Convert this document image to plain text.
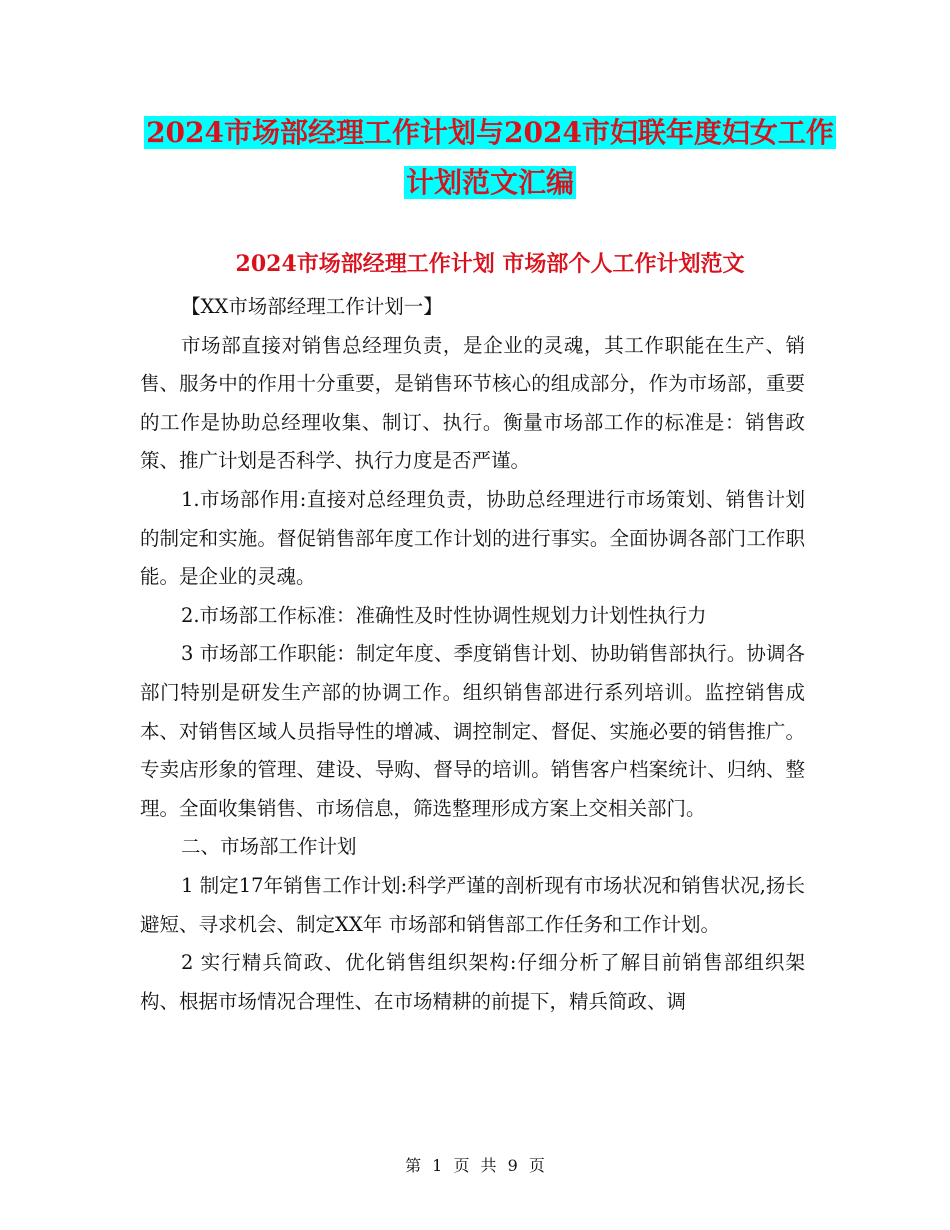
2024市场部经理工作计划与2024市妇联年度妇女工作计划范文汇编
2024市场部经理工作计划 市场部个人工作计划范文

【XX市场部经理工作计划一】

市场部直接对销售总经理负责，是企业的灵魂，其工作职能在生产、销售、服务中的作用十分重要，是销售环节核心的组成部分，作为市场部，重要的工作是协助总经理收集、制订、执行。衡量市场部工作的标准是：销售政策、推广计划是否科学、执行力度是否严谨。

1.市场部作用:直接对总经理负责，协助总经理进行市场策划、销售计划的制定和实施。督促销售部年度工作计划的进行事实。全面协调各部门工作职能。是企业的灵魂。

2.市场部工作标准：准确性及时性协调性规划力计划性执行力

3 市场部工作职能：制定年度、季度销售计划、协助销售部执行。协调各部门特别是研发生产部的协调工作。组织销售部进行系列培训。监控销售成本、对销售区域人员指导性的增减、调控制定、督促、实施必要的销售推广。专卖店形象的管理、建设、导购、督导的培训。销售客户档案统计、归纳、整理。全面收集销售、市场信息，筛选整理形成方案上交相关部门。

二、市场部工作计划

1 制定17年销售工作计划:科学严谨的剖析现有市场状况和销售状况,扬长避短、寻求机会、制定XX年 市场部和销售部工作任务和工作计划。

2 实行精兵简政、优化销售组织架构:仔细分析了解目前销售部组织架构、根据市场情况合理性、在市场精耕的前提下，精兵简政、调

第 1 页 共 9 页
